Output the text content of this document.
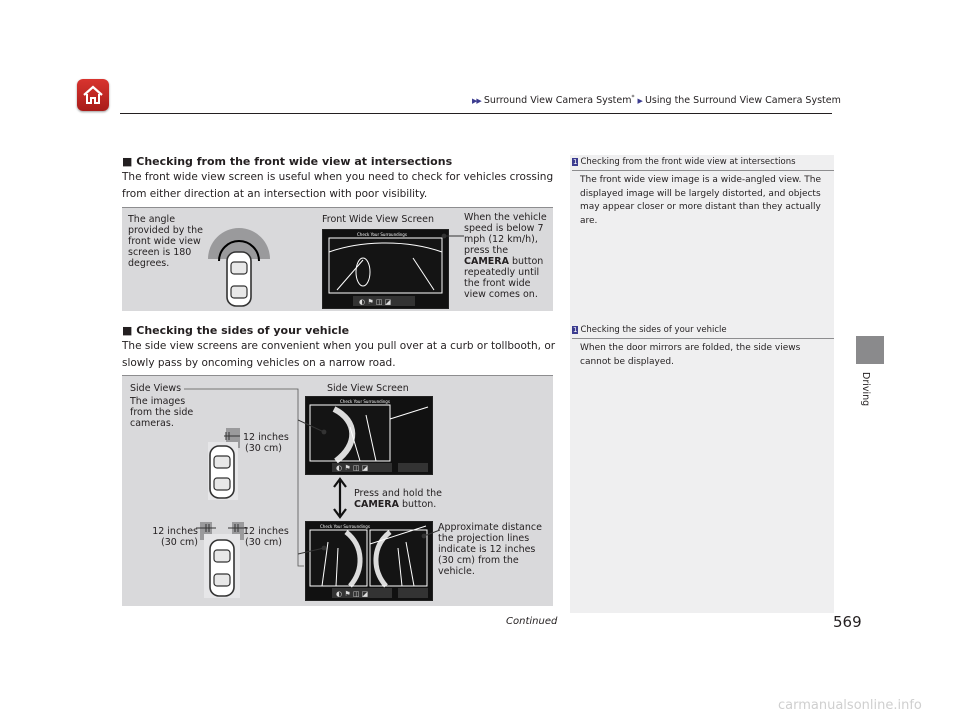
▶▶ Surround View Camera System* ▶ Using the Surround View Camera System
■ Checking from the front wide view at intersections
The front wide view screen is useful when you need to check for vehicles crossing from either direction at an intersection with poor visibility.
The angle provided by the front wide view screen is 180 degrees.
Front Wide View Screen
Check Your Surroundings
◐ ⚑ ◫ ◪
When the vehicle speed is below 7 mph (12 km/h), press the CAMERA button repeatedly until the front wide view comes on.
■ Checking the sides of your vehicle
The side view screens are convenient when you pull over at a curb or tollbooth, or slowly pass by oncoming vehicles on a narrow road.
Side Views
The images from the side cameras.
12 inches
(30 cm)
12 inches
(30 cm)
12 inches
(30 cm)
Side View Screen
Check Your Surroundings
◐ ⚑ ◫ ◪
Press and hold the
CAMERA button.
Check Your Surroundings
◐ ⚑ ◫ ◪
Approximate distance the projection lines indicate is 12 inches (30 cm) from the vehicle.
1 Checking from the front wide view at intersections
The front wide view image is a wide-angled view. The displayed image will be largely distorted, and objects may appear closer or more distant than they actually are.
1 Checking the sides of your vehicle
When the door mirrors are folded, the side views cannot be displayed.
Driving
Continued	569
carmanualsonline.info
